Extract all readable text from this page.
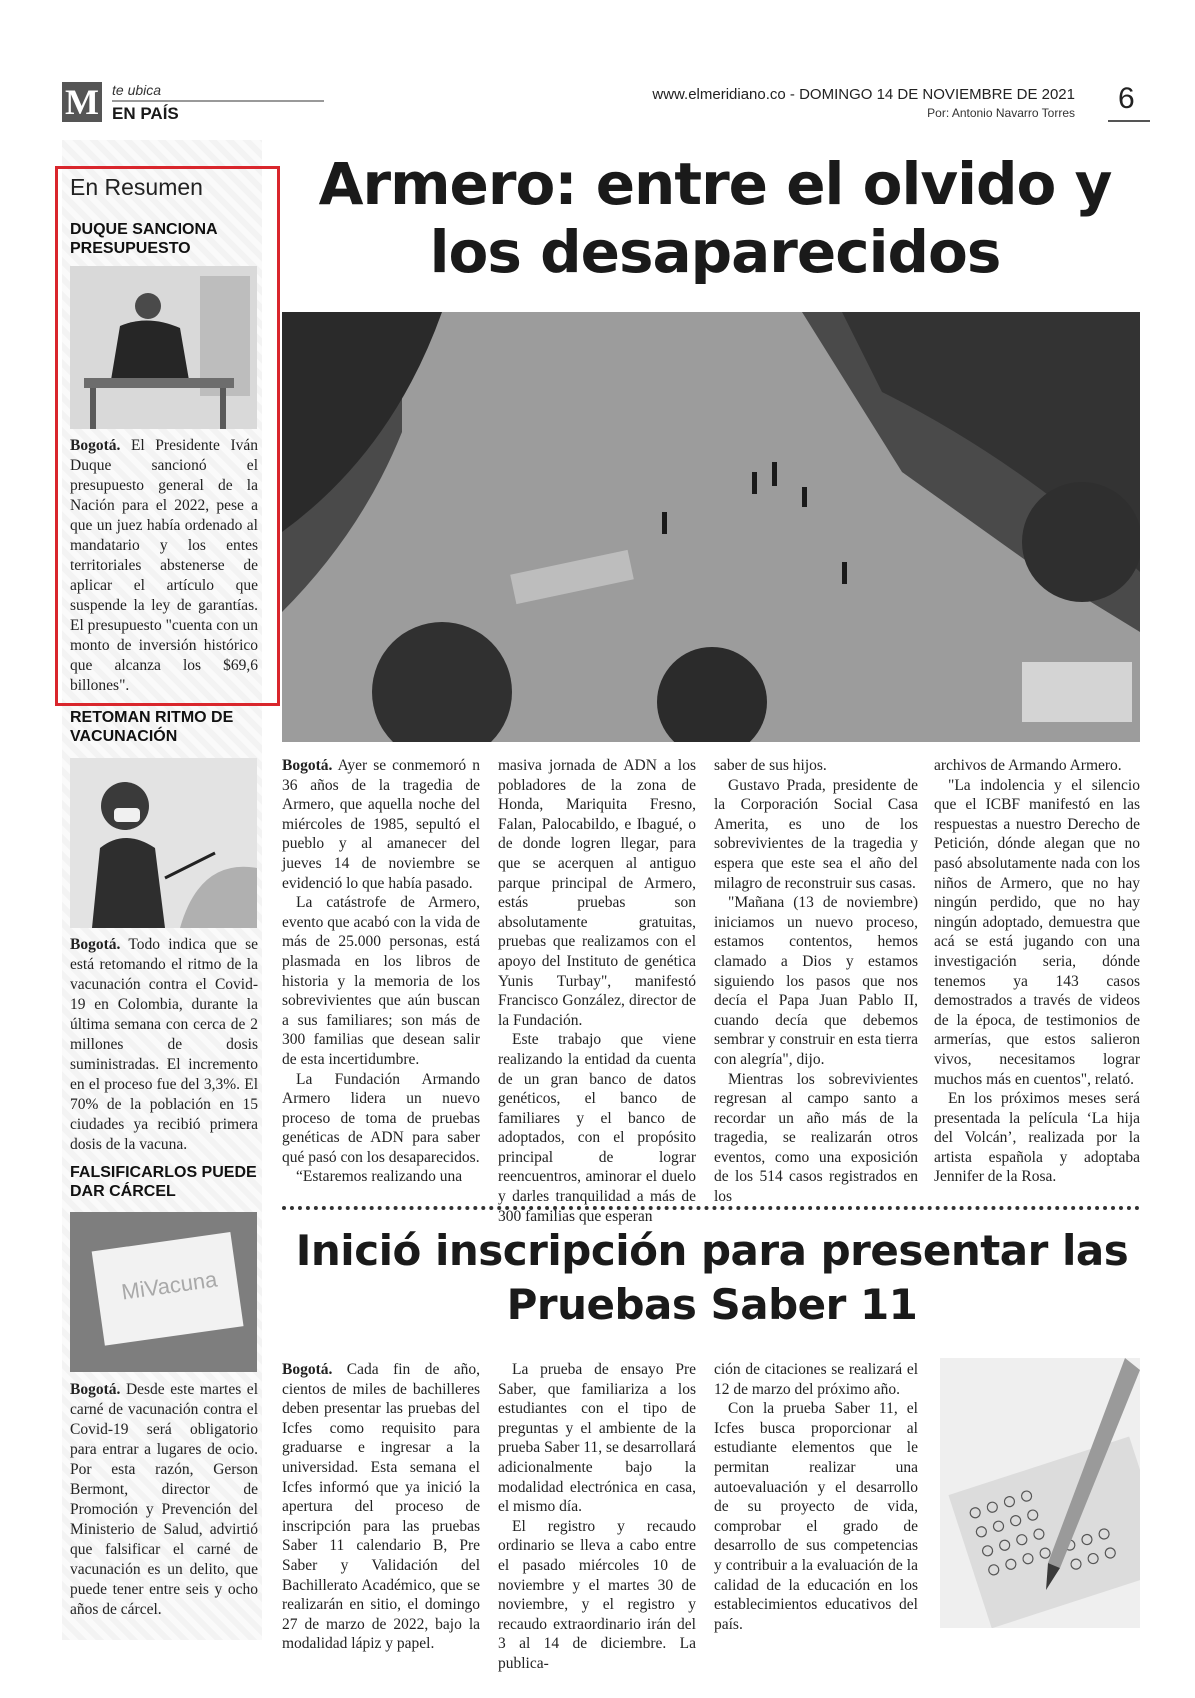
M te ubica
EN PAÍS
www.elmeridiano.co - DOMINGO 14 DE NOVIEMBRE DE 2021
Por: Antonio Navarro Torres 6
En Resumen
DUQUE SANCIONA PRESUPUESTO
Bogotá. El Presidente Iván Duque sancionó el presupuesto general de la Nación para el 2022, pese a que un juez había ordenado al mandatario y los entes territoriales abstenerse de aplicar el artículo que suspende la ley de garantías. El presupuesto "cuenta con un monto de inversión histórico que alcanza los $69,6 billones".
RETOMAN RITMO DE VACUNACIÓN
Bogotá. Todo indica que se está retomando el ritmo de la vacunación contra el Covid-19 en Colombia, durante la última semana con cerca de 2 millones de dosis suministradas. El incremento en el proceso fue del 3,3%. El 70% de la población en 15 ciudades ya recibió primera dosis de la vacuna.
FALSIFICARLOS PUEDE DAR CÁRCEL
MiVacuna
Bogotá. Desde este martes el carné de vacunación contra el Covid-19 será obligatorio para entrar a lugares de ocio. Por esta razón, Gerson Bermont, director de Promoción y Prevención del Ministerio de Salud, advirtió que falsificar el carné de vacunación es un delito, que puede tener entre seis y ocho años de cárcel.
Armero: entre el olvido y los desaparecidos

Bogotá. Ayer se conmemoró n 36 años de la tragedia de Armero, que aquella noche del miércoles de 1985, sepultó el pueblo y al amanecer del jueves 14 de noviembre se evidenció lo que había pasado.

La catástrofe de Armero, evento que acabó con la vida de más de 25.000 personas, está plasmada en los libros de historia y la memoria de los sobrevivientes que aún buscan a sus familiares; son más de 300 familias que desean salir de esta incertidumbre.

La Fundación Armando Armero lidera un nuevo proceso de toma de pruebas genéticas de ADN para saber qué pasó con los desaparecidos.

“Estaremos realizando una

masiva jornada de ADN a los pobladores de la zona de Honda, Mariquita Fresno, Falan, Palocabildo, e Ibagué, o de donde logren llegar, para que se acerquen al antiguo parque principal de Armero, estás pruebas son absolutamente gratuitas, pruebas que realizamos con el apoyo del Instituto de genética Yunis Turbay", manifestó Francisco González, director de la Fundación.

Este trabajo que viene realizando la entidad da cuenta de un gran banco de datos genéticos, el banco de familiares y el banco de adoptados, con el propósito principal de lograr reencuentros, aminorar el duelo y darles tranquilidad a más de 300 familias que esperan

saber de sus hijos.

Gustavo Prada, presidente de la Corporación Social Casa Amerita, es uno de los sobrevivientes de la tragedia y espera que este sea el año del milagro de reconstruir sus casas.

"Mañana (13 de noviembre) iniciamos un nuevo proceso, estamos contentos, hemos clamado a Dios y estamos siguiendo los pasos que nos decía el Papa Juan Pablo II, cuando decía que debemos sembrar y construir en esta tierra con alegría", dijo.

Mientras los sobrevivientes regresan al campo santo a recordar un año más de la tragedia, se realizarán otros eventos, como una exposición de los 514 casos registrados en los

archivos de Armando Armero.

"La indolencia y el silencio que el ICBF manifestó en las respuestas a nuestro Derecho de Petición, dónde alegan que no pasó absolutamente nada con los niños de Armero, que no hay ningún perdido, que no hay ningún adoptado, demuestra que acá se está jugando con una investigación seria, dónde tenemos ya 143 casos demostrados a través de videos de la época, de testimonios de armerías, que estos salieron vivos, necesitamos lograr muchos más en cuentos", relató.

En los próximos meses será presentada la película ‘La hija del Volcán’, realizada por la artista española y adoptaba Jennifer de la Rosa.

Inició inscripción para presentar las Pruebas Saber 11

Bogotá. Cada fin de año, cientos de miles de bachilleres deben presentar las pruebas del Icfes como requisito para graduarse e ingresar a la universidad. Esta semana el Icfes informó que ya inició la apertura del proceso de inscripción para las pruebas Saber 11 calendario B, Pre Saber y Validación del Bachillerato Académico, que se realizarán en sitio, el domingo 27 de marzo de 2022, bajo la modalidad lápiz y papel.

La prueba de ensayo Pre Saber, que familiariza a los estudiantes con el tipo de preguntas y el ambiente de la prueba Saber 11, se desarrollará adicionalmente bajo la modalidad electrónica en casa, el mismo día.

El registro y recaudo ordinario se lleva a cabo entre el pasado miércoles 10 de noviembre y el martes 30 de noviembre, y el registro y recaudo extraordinario irán del 3 al 14 de diciembre. La publica-

ción de citaciones se realizará el 12 de marzo del próximo año.

Con la prueba Saber 11, el Icfes busca proporcionar al estudiante elementos que le permitan realizar una autoevaluación y el desarrollo de su proyecto de vida, comprobar el grado de desarrollo de sus competencias y contribuir a la evaluación de la calidad de la educación en los establecimientos educativos del país.
